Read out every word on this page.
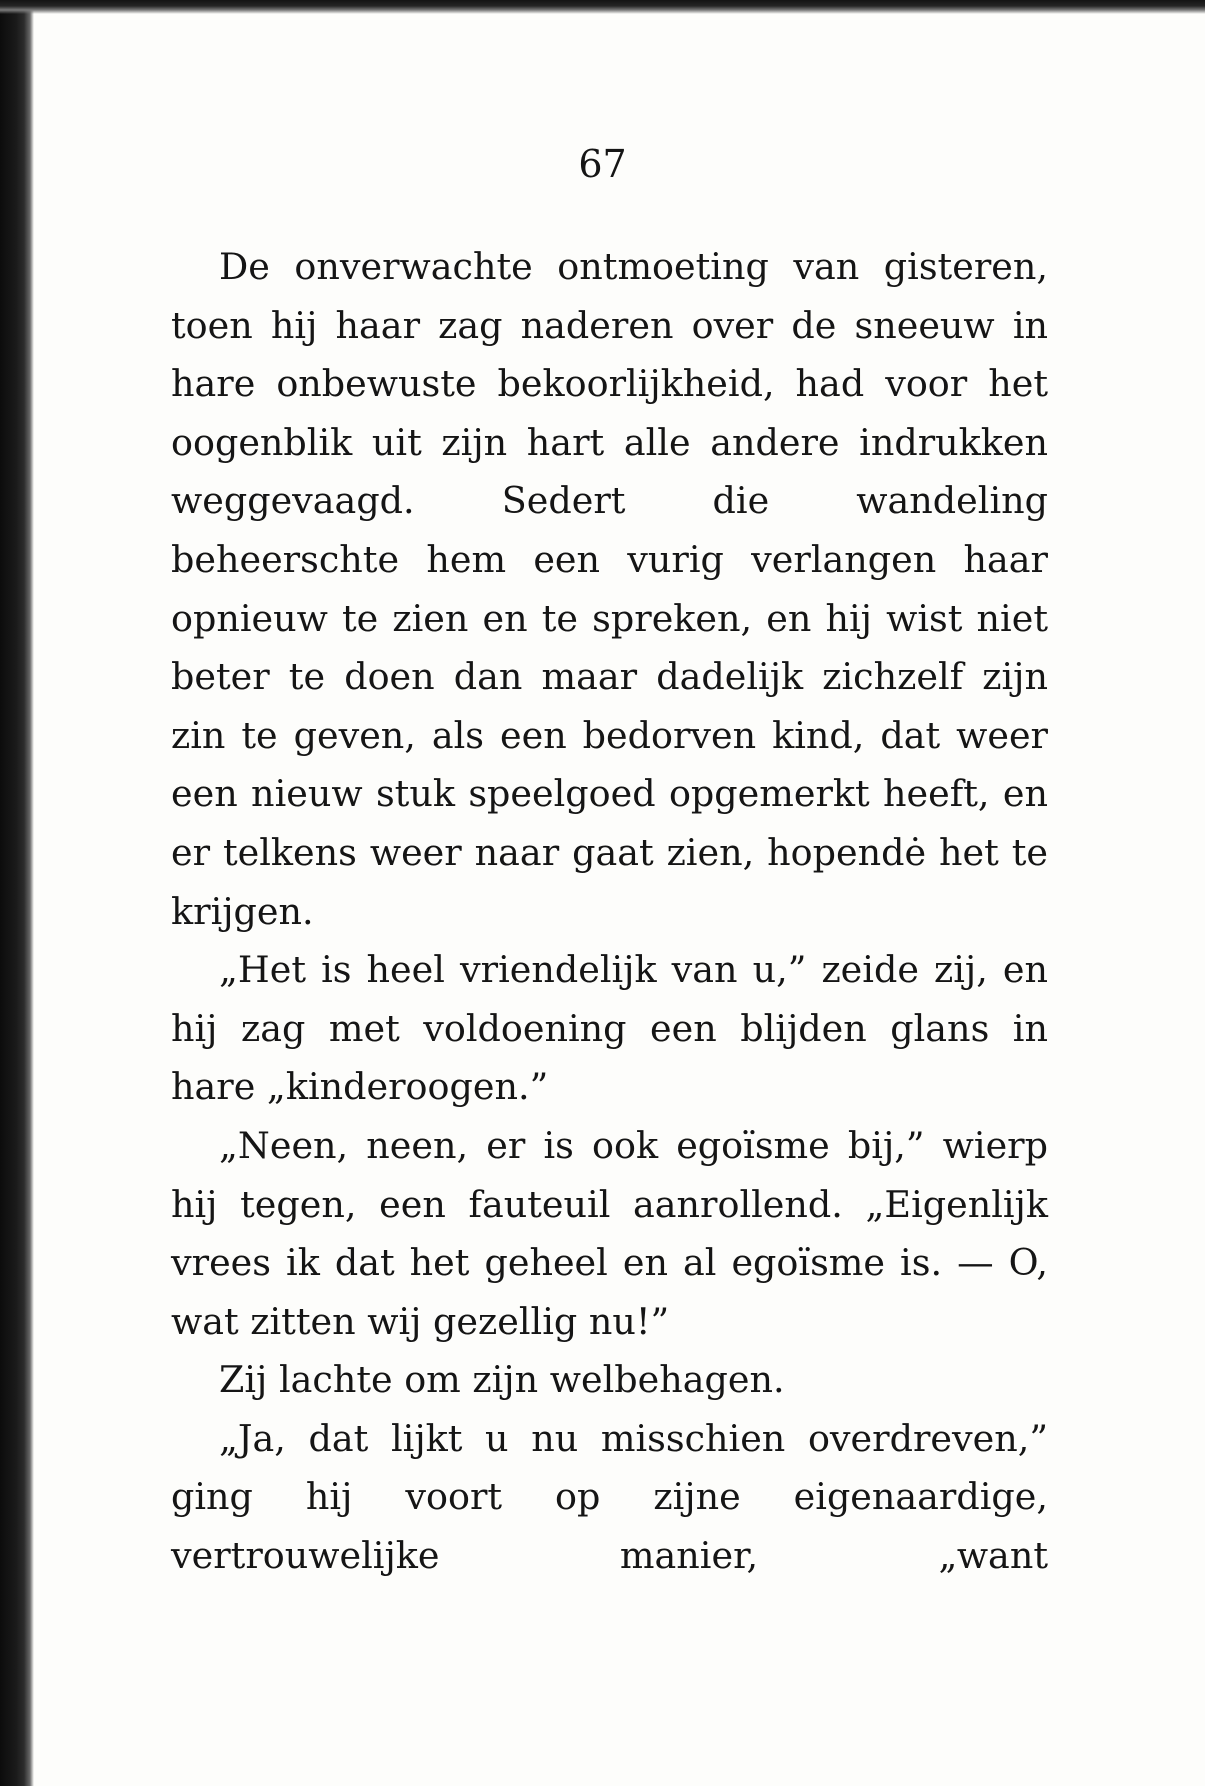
67

De onverwachte ontmoeting van gisteren, toen hij haar zag naderen over de sneeuw in hare onbewuste bekoorlijkheid, had voor het oogenblik uit zijn hart alle andere indrukken weggevaagd. Sedert die wandeling beheerschte hem een vurig verlangen haar opnieuw te zien en te spreken, en hij wist niet beter te doen dan maar dadelijk zichzelf zijn zin te geven, als een bedorven kind, dat weer een nieuw stuk speelgoed opgemerkt heeft, en er telkens weer naar gaat zien, hopendė het te krijgen.

„Het is heel vriendelijk van u,” zeide zij, en hij zag met voldoening een blijden glans in hare „kinderoogen.”

„Neen, neen, er is ook egoïsme bij,” wierp hij tegen, een fauteuil aanrollend. „Eigenlijk vrees ik dat het geheel en al egoïsme is. — O, wat zitten wij gezellig nu!”

Zij lachte om zijn welbehagen.

„Ja, dat lijkt u nu misschien overdreven,” ging hij voort op zijne eigenaardige, vertrouwelijke manier, „want
